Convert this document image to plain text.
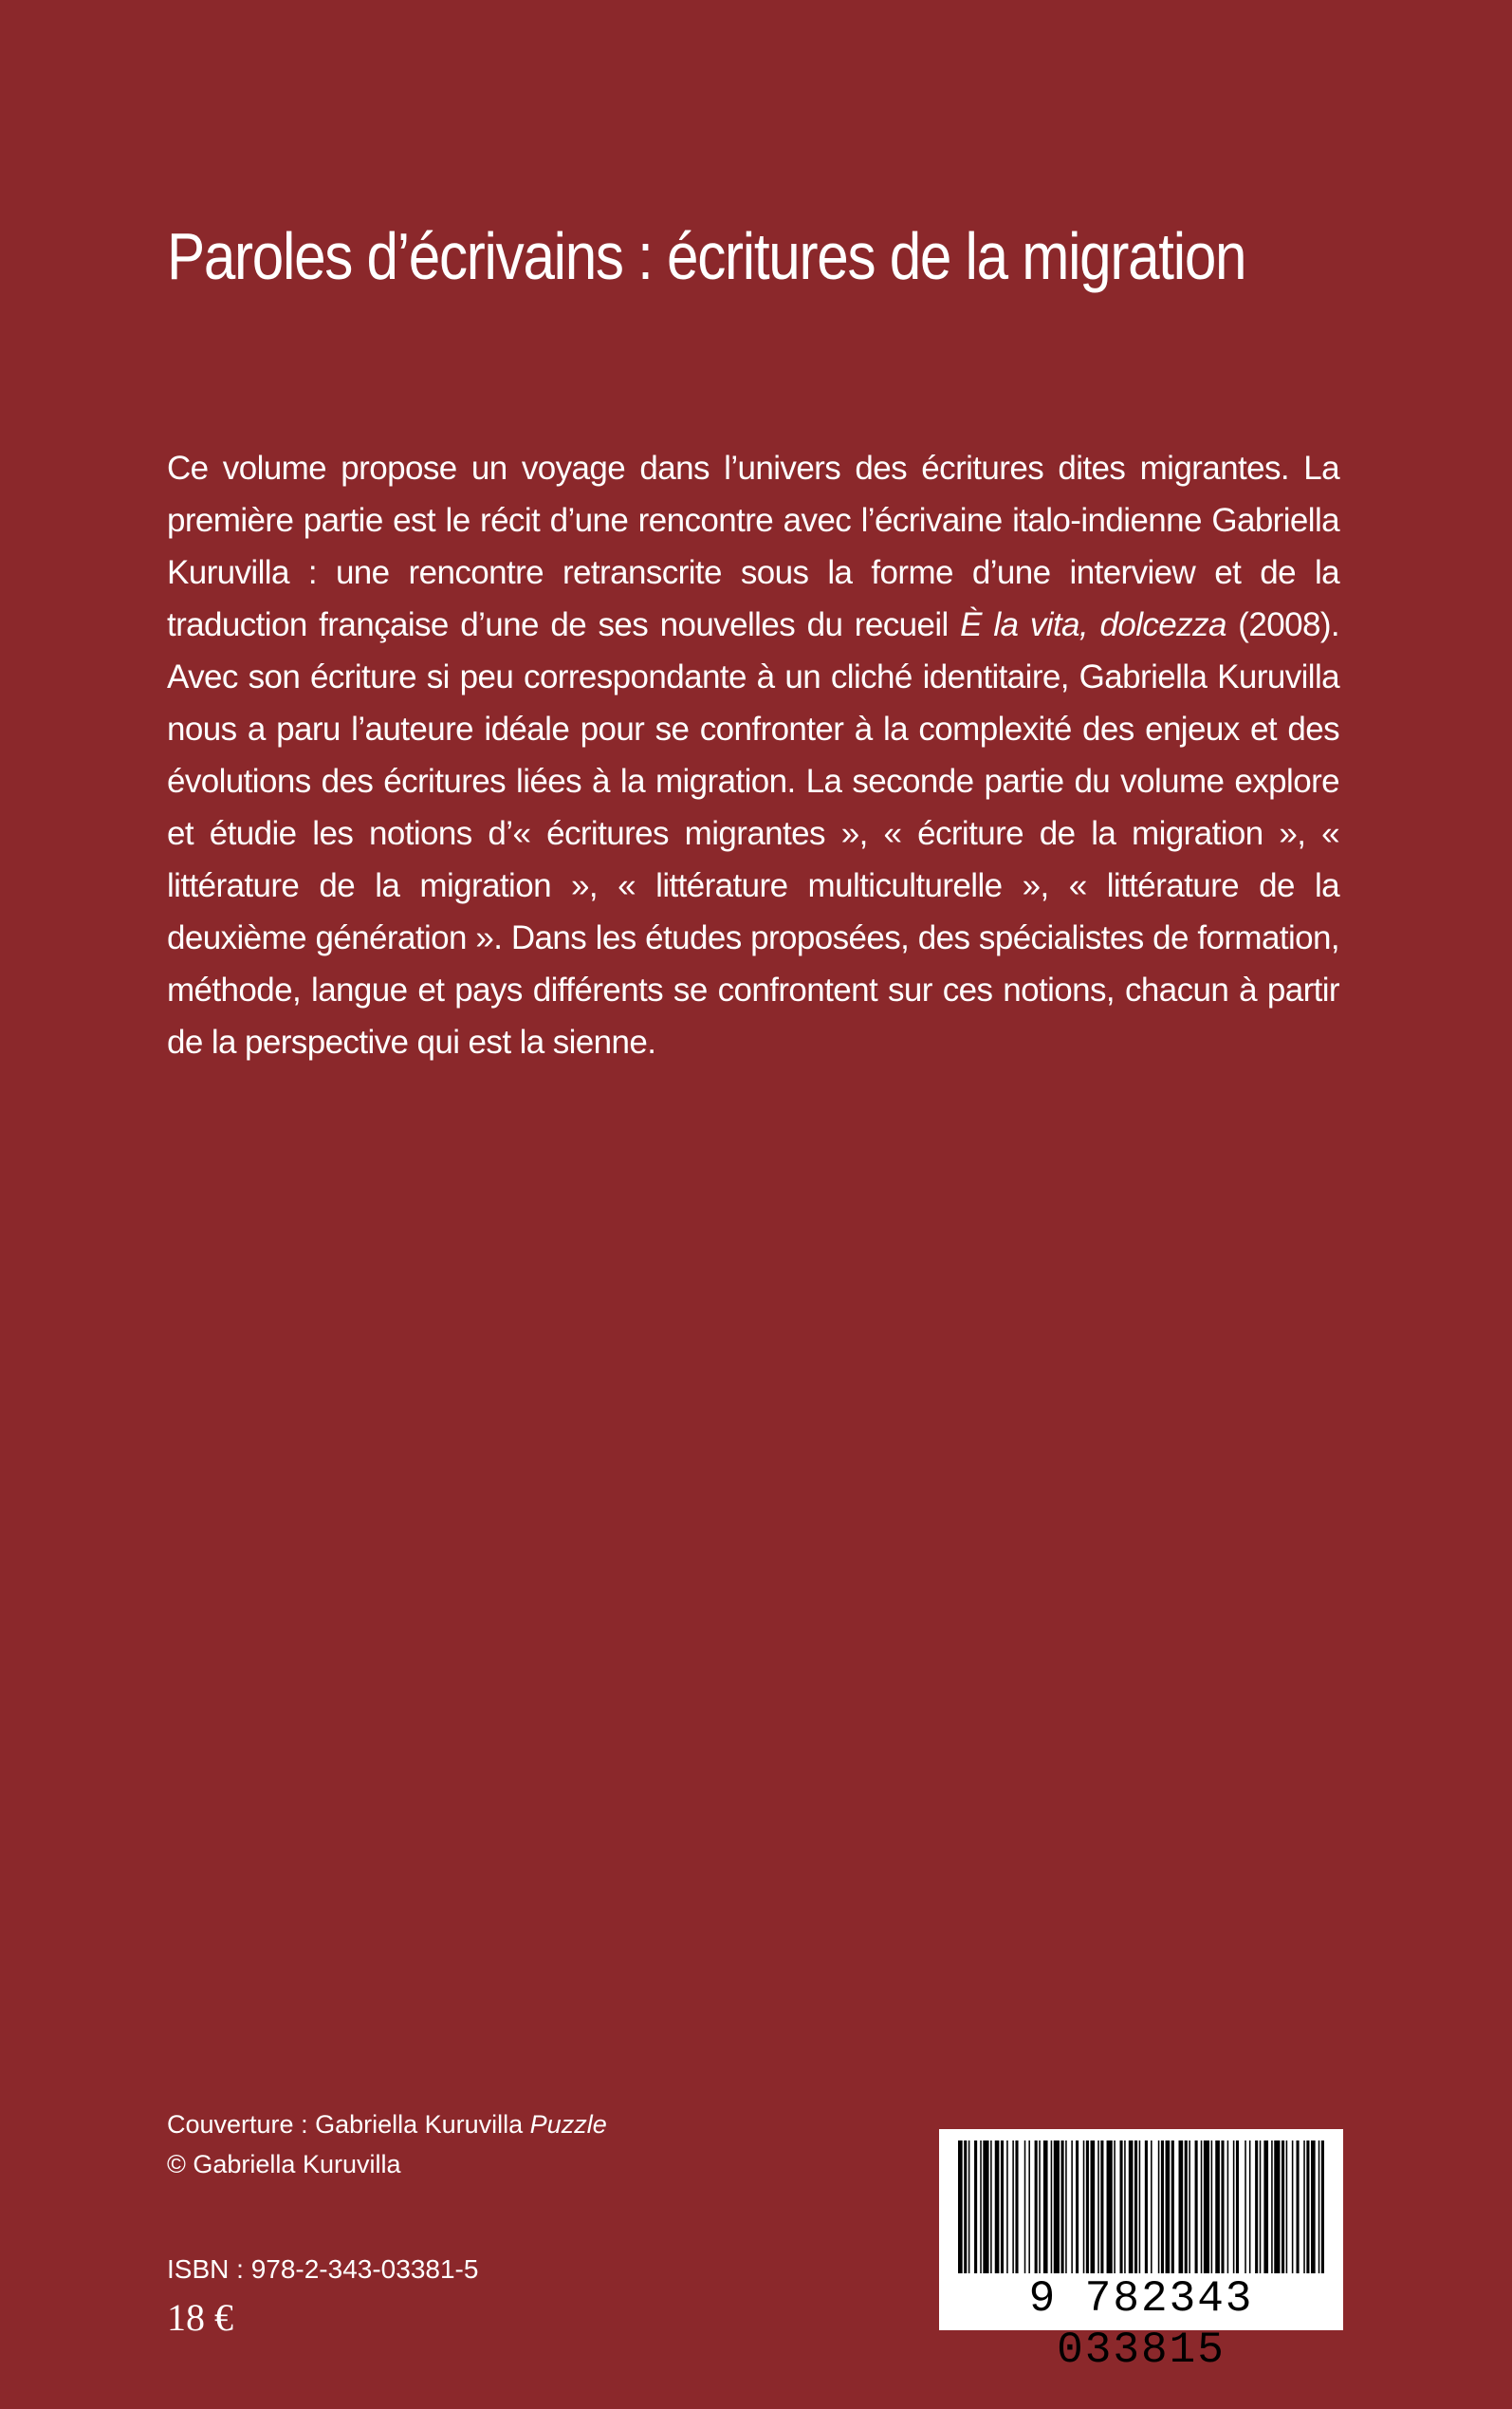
Paroles d’écrivains : écritures de la migration

Ce volume propose un voyage dans l’univers des écritures dites migrantes. La première partie est le récit d’une rencontre avec l’écrivaine italo-indienne Gabriella Kuruvilla : une rencontre retranscrite sous la forme d’une interview et de la traduction française d’une de ses nouvelles du recueil È la vita, dolcezza (2008). Avec son écriture si peu correspondante à un cliché identitaire, Gabriella Kuruvilla nous a paru l’auteure idéale pour se confronter à la complexité des enjeux et des évolutions des écritures liées à la migration. La seconde partie du volume explore et étudie les notions d’« écritures migrantes », « écriture de la migration », « littérature de la migration », « littérature multiculturelle », « littérature de la deuxième génération ». Dans les études proposées, des spécialistes de formation, méthode, langue et pays différents se confrontent sur ces notions, chacun à partir de la perspective qui est la sienne.

Couverture : Gabriella Kuruvilla Puzzle
© Gabriella Kuruvilla
ISBN : 978-2-343-03381-5
18 €	9 782343 033815
